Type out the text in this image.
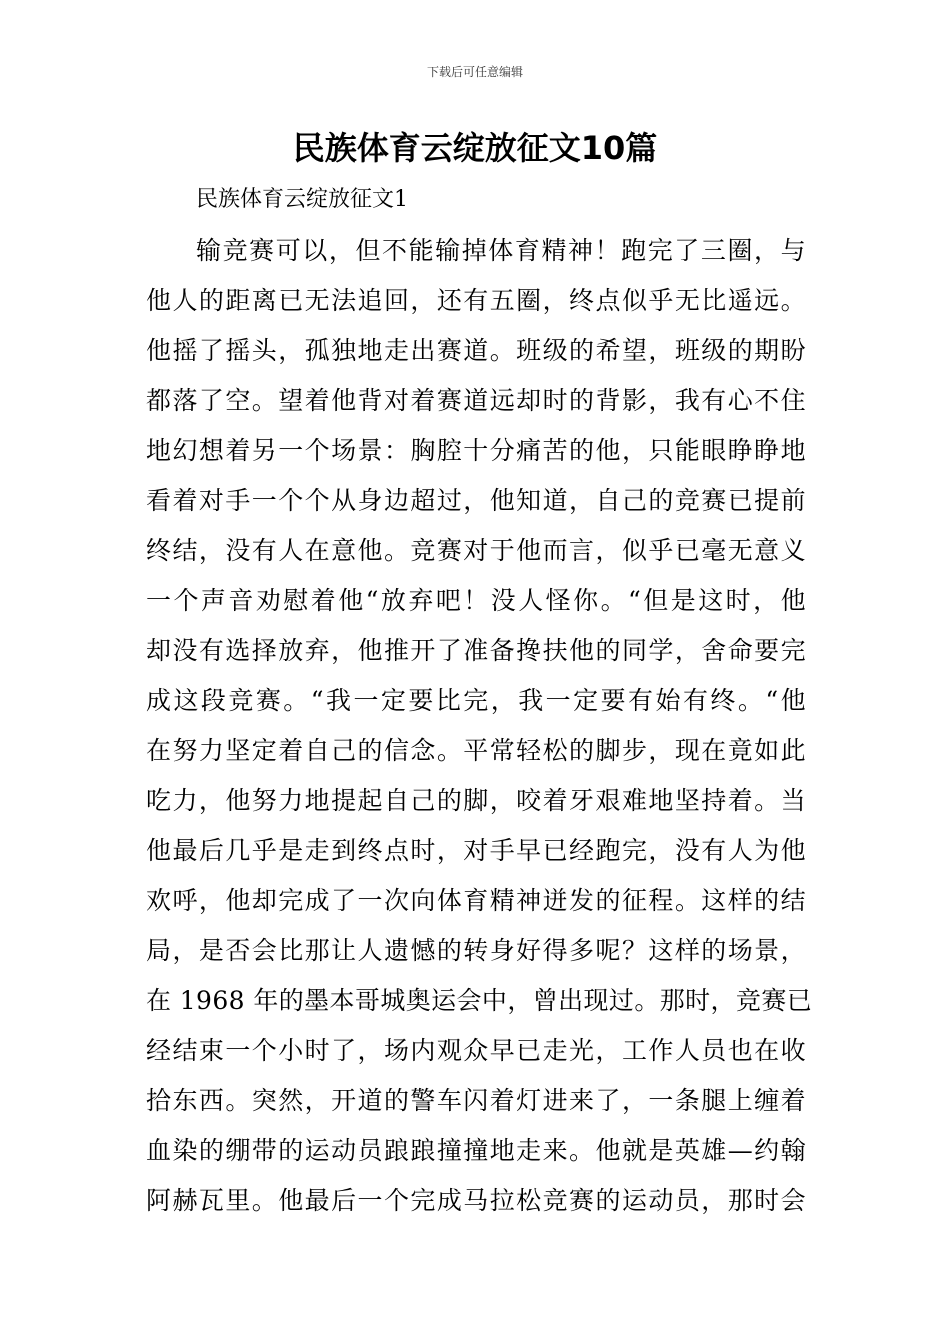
下载后可任意编辑
民族体育云绽放征文10篇

民族体育云绽放征文1

输竞赛可以，但不能输掉体育精神！跑完了三圈，与
他人的距离已无法追回，还有五圈，终点似乎无比遥远。
他摇了摇头，孤独地走出赛道。班级的希望，班级的期盼
都落了空。望着他背对着赛道远却时的背影，我有心不住
地幻想着另一个场景：胸腔十分痛苦的他，只能眼睁睁地
看着对手一个个从身边超过，他知道，自己的竞赛已提前
终结，没有人在意他。竞赛对于他而言，似乎已毫无意义
一个声音劝慰着他“放弃吧！没人怪你。“但是这时，他
却没有选择放弃，他推开了准备搀扶他的同学，舍命要完
成这段竞赛。“我一定要比完，我一定要有始有终。“他
在努力坚定着自己的信念。平常轻松的脚步，现在竟如此
吃力，他努力地提起自己的脚，咬着牙艰难地坚持着。当
他最后几乎是走到终点时，对手早已经跑完，没有人为他
欢呼，他却完成了一次向体育精神迸发的征程。这样的结
局，是否会比那让人遗憾的转身好得多呢？这样的场景，
在 1968 年的墨本哥城奥运会中，曾出现过。那时，竞赛已
经结束一个小时了，场内观众早已走光，工作人员也在收
拾东西。突然，开道的警车闪着灯进来了，一条腿上缠着
血染的绷带的运动员踉踉撞撞地走来。他就是英雄—约翰
阿赫瓦里。他最后一个完成马拉松竞赛的运动员，那时会
